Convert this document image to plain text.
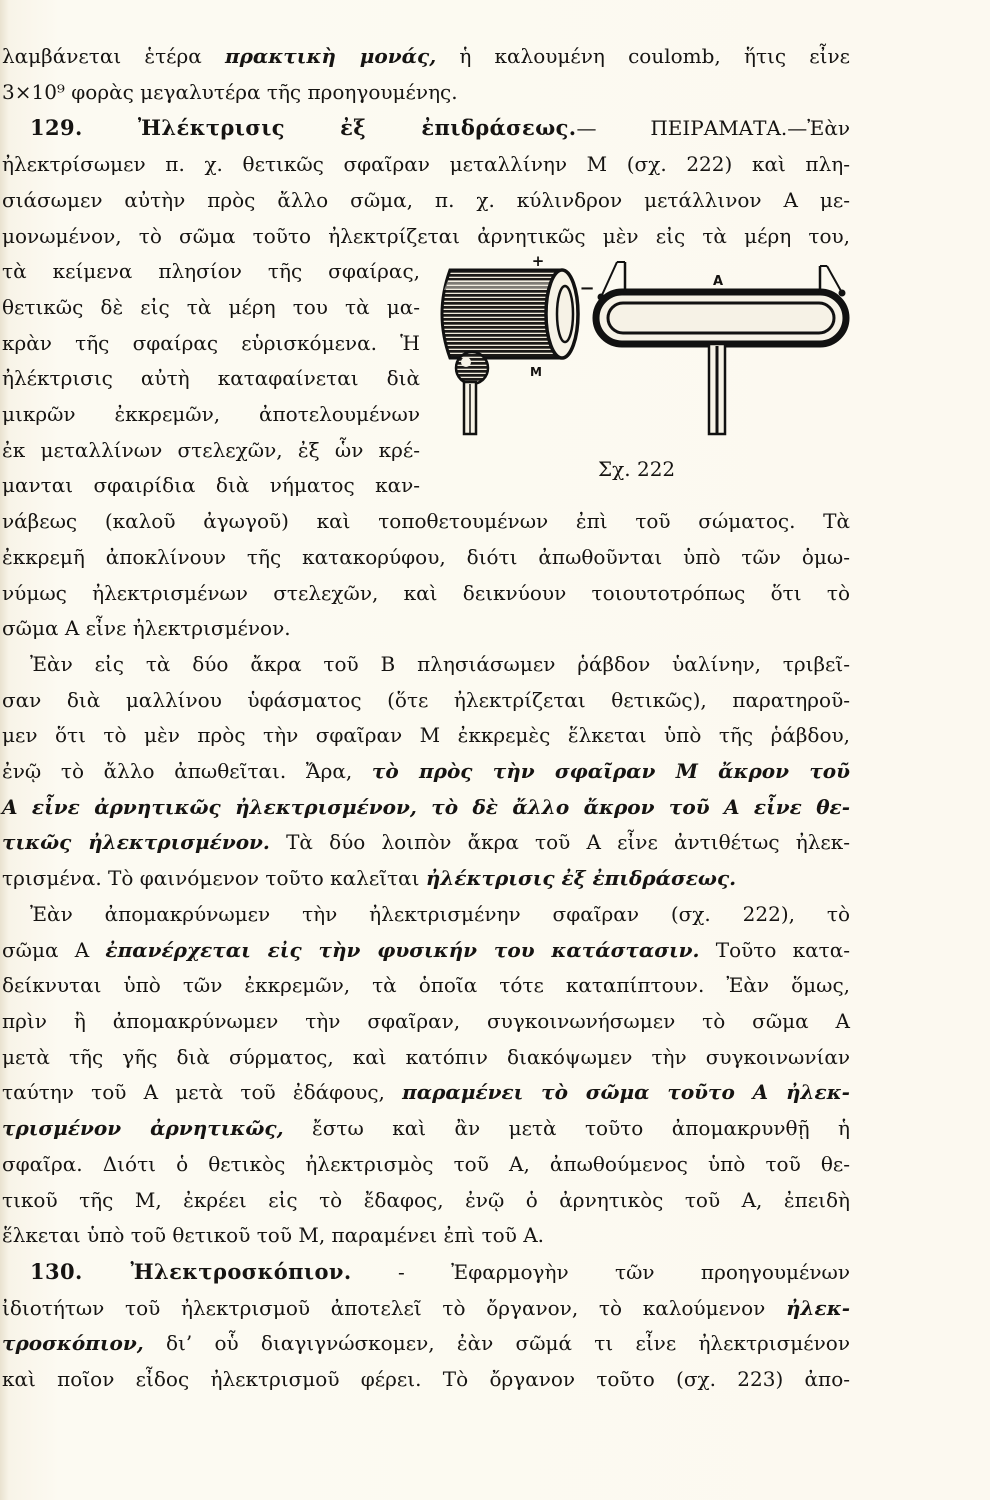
λαμβάνεται ἑτέρα πρακτικὴ μονάς, ἡ καλουμένη coulomb, ἥτις εἶνε
3×10⁹ φορὰς μεγαλυτέρα τῆς προηγουμένης.
129. Ἠλέκτρισις ἐξ ἐπιδράσεως.— ΠΕΙΡΑΜΑΤΑ.—Ἐὰν
ἠλεκτρίσωμεν π. χ. θετικῶς σφαῖραν μεταλλίνην Μ (σχ. 222) καὶ πλη-
σιάσωμεν αὐτὴν πρὸς ἄλλο σῶμα, π. χ. κύλινδρον μετάλλινον Α με-
μονωμένον, τὸ σῶμα τοῦτο ἠλεκτρίζεται ἀρνητικῶς μὲν εἰς τὰ μέρη του,
+
M
A
−
Σχ. 222
τὰ κείμενα πλησίον τῆς σφαίρας,
θετικῶς δὲ εἰς τὰ μέρη του τὰ μα-
κρὰν τῆς σφαίρας εὑρισκόμενα. Ἡ
ἠλέκτρισις αὐτὴ καταφαίνεται διὰ
μικρῶν ἐκκρεμῶν, ἀποτελουμένων
ἐκ μεταλλίνων στελεχῶν, ἐξ ὧν κρέ-
μανται σφαιρίδια διὰ νήματος καν-
νάβεως (καλοῦ ἀγωγοῦ) καὶ τοποθετουμένων ἐπὶ τοῦ σώματος. Τὰ
ἐκκρεμῆ ἀποκλίνουν τῆς κατακορύφου, διότι ἀπωθοῦνται ὑπὸ τῶν ὁμω-
νύμως ἠλεκτρισμένων στελεχῶν, καὶ δεικνύουν τοιουτοτρόπως ὅτι τὸ
σῶμα Α εἶνε ἠλεκτρισμένον.
Ἐὰν εἰς τὰ δύο ἄκρα τοῦ Β πλησιάσωμεν ῥάβδον ὑαλίνην, τριβεῖ-
σαν διὰ μαλλίνου ὑφάσματος (ὅτε ἠλεκτρίζεται θετικῶς), παρατηροῦ-
μεν ὅτι τὸ μὲν πρὸς τὴν σφαῖραν Μ ἐκκρεμὲς ἕλκεται ὑπὸ τῆς ῥάβδου,
ἐνῷ τὸ ἄλλο ἀπωθεῖται. Ἄρα, τὸ πρὸς τὴν σφαῖραν Μ ἄκρον τοῦ
Α εἶνε ἀρνητικῶς ἠλεκτρισμένον, τὸ δὲ ἄλλο ἄκρον τοῦ Α εἶνε θε-
τικῶς ἠλεκτρισμένον. Τὰ δύο λοιπὸν ἄκρα τοῦ Α εἶνε ἀντιθέτως ἠλεκ-
τρισμένα. Τὸ φαινόμενον τοῦτο καλεῖται ἠλέκτρισις ἐξ ἐπιδράσεως.
Ἐὰν ἀπομακρύνωμεν τὴν ἠλεκτρισμένην σφαῖραν (σχ. 222), τὸ
σῶμα Α ἐπανέρχεται εἰς τὴν φυσικήν του κατάστασιν. Τοῦτο κατα-
δείκνυται ὑπὸ τῶν ἐκκρεμῶν, τὰ ὁποῖα τότε καταπίπτουν. Ἐὰν ὅμως,
πρὶν ἢ ἀπομακρύνωμεν τὴν σφαῖραν, συγκοινωνήσωμεν τὸ σῶμα Α
μετὰ τῆς γῆς διὰ σύρματος, καὶ κατόπιν διακόψωμεν τὴν συγκοινωνίαν
ταύτην τοῦ Α μετὰ τοῦ ἐδάφους, παραμένει τὸ σῶμα τοῦτο Α ἠλεκ-
τρισμένον ἀρνητικῶς, ἔστω καὶ ἂν μετὰ τοῦτο ἀπομακρυνθῇ ἡ
σφαῖρα. Διότι ὁ θετικὸς ἠλεκτρισμὸς τοῦ Α, ἀπωθούμενος ὑπὸ τοῦ θε-
τικοῦ τῆς Μ, ἐκρέει εἰς τὸ ἔδαφος, ἐνῷ ὁ ἀρνητικὸς τοῦ Α, ἐπειδὴ
ἕλκεται ὑπὸ τοῦ θετικοῦ τοῦ Μ, παραμένει ἐπὶ τοῦ Α.
130. Ἠλεκτροσκόπιον. - Ἐφαρμογὴν τῶν προηγουμένων
ἰδιοτήτων τοῦ ἠλεκτρισμοῦ ἀποτελεῖ τὸ ὄργανον, τὸ καλούμενον ἠλεκ-
τροσκόπιον, δι’ οὗ διαγιγνώσκομεν, ἐὰν σῶμά τι εἶνε ἠλεκτρισμένον
καὶ ποῖον εἶδος ἠλεκτρισμοῦ φέρει. Τὸ ὄργανον τοῦτο (σχ. 223) ἀπο-
